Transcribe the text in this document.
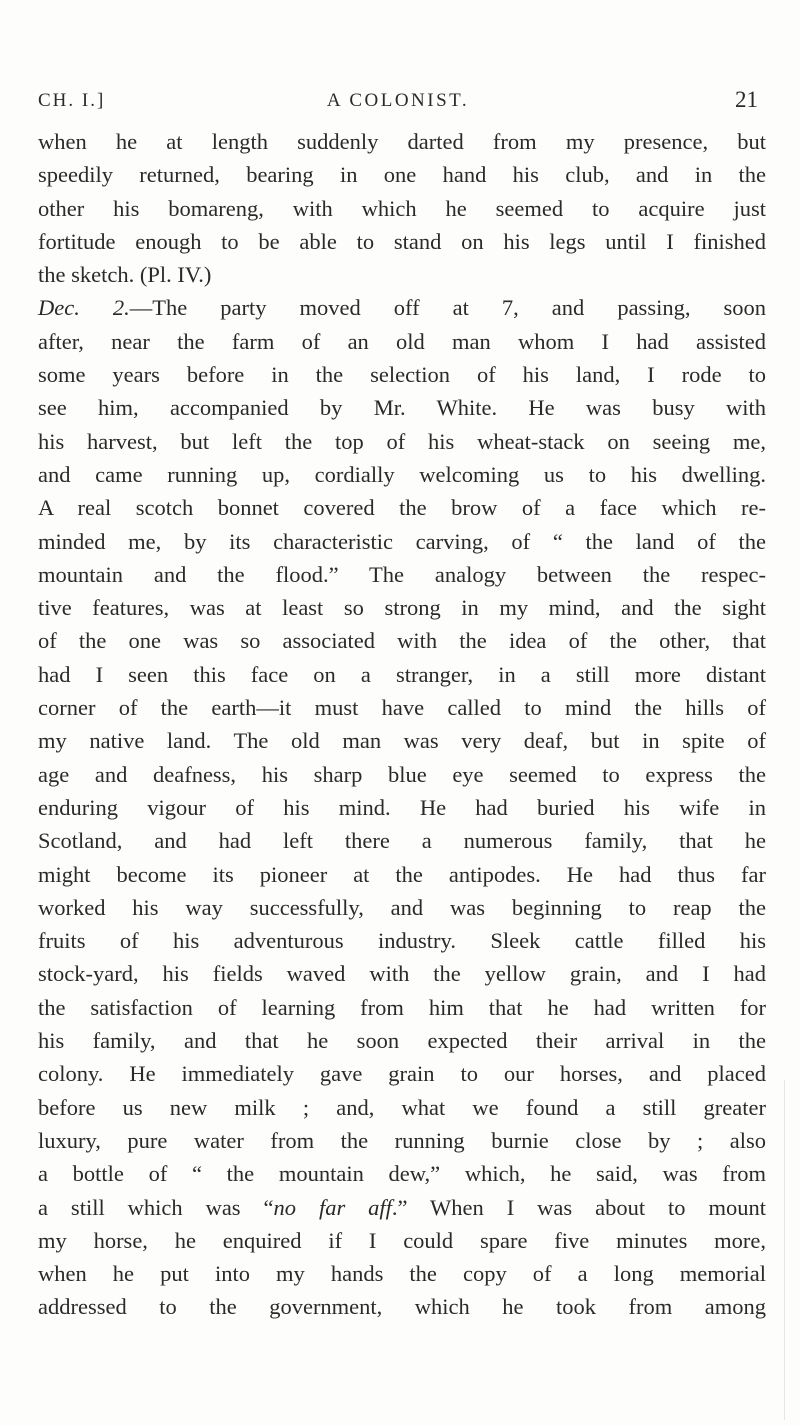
CH. I.]	A COLONIST.	21
when he at length suddenly darted from my presence, but
speedily returned, bearing in one hand his club, and in the
other his bomareng, with which he seemed to acquire just
fortitude enough to be able to stand on his legs until I finished
the sketch. (Pl. IV.)
Dec. 2.—The party moved off at 7, and passing, soon
after, near the farm of an old man whom I had assisted
some years before in the selection of his land, I rode to
see him, accompanied by Mr. White. He was busy with
his harvest, but left the top of his wheat-stack on seeing me,
and came running up, cordially welcoming us to his dwelling.
A real scotch bonnet covered the brow of a face which re-
minded me, by its characteristic carving, of “ the land of the
mountain and the flood.” The analogy between the respec-
tive features, was at least so strong in my mind, and the sight
of the one was so associated with the idea of the other, that
had I seen this face on a stranger, in a still more distant
corner of the earth—it must have called to mind the hills of
my native land. The old man was very deaf, but in spite of
age and deafness, his sharp blue eye seemed to express the
enduring vigour of his mind. He had buried his wife in
Scotland, and had left there a numerous family, that he
might become its pioneer at the antipodes. He had thus far
worked his way successfully, and was beginning to reap the
fruits of his adventurous industry. Sleek cattle filled his
stock-yard, his fields waved with the yellow grain, and I had
the satisfaction of learning from him that he had written for
his family, and that he soon expected their arrival in the
colony. He immediately gave grain to our horses, and placed
before us new milk ; and, what we found a still greater
luxury, pure water from the running burnie close by ; also
a bottle of “ the mountain dew,” which, he said, was from
a still which was “no far aff.” When I was about to mount
my horse, he enquired if I could spare five minutes more,
when he put into my hands the copy of a long memorial
addressed to the government, which he took from among
